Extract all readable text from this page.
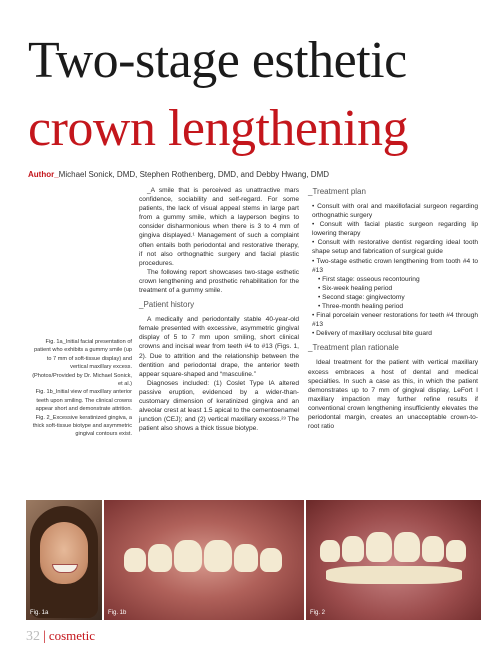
Two-stage esthetic
crown lengthening
Author_Michael Sonick, DMD, Stephen Rothenberg, DMD, and Debby Hwang, DMD

Fig. 1a_Initial facial presentation of patient who exhibits a gummy smile (up to 7 mm of soft-tissue display) and vertical maxillary excess. (Photos/Provided by Dr. Michael Sonick, et al.)

Fig. 1b_Initial view of maxillary anterior teeth upon smiling. The clinical crowns appear short and demonstrate attrition.

Fig. 2_Excessive keratinized gingiva, a thick soft-tissue biotype and asymmetric gingival contours exist.

_A smile that is perceived as unattractive mars confidence, sociability and self-regard. For some patients, the lack of visual appeal stems in large part from a gummy smile, which a layperson begins to consider disharmonious when there is 3 to 4 mm of gingiva displayed.¹ Management of such a complaint often entails both periodontal and restorative therapy, if not also orthognathic surgery and facial plastic procedures.

The following report showcases two-stage esthetic crown lengthening and prosthetic rehabilitation for the treatment of a gummy smile.

_Patient history

A medically and periodontally stable 40-year-old female presented with excessive, asymmetric gingival display of 5 to 7 mm upon smiling, short clinical crowns and incisal wear from teeth #4 to #13 (Figs. 1, 2). Due to attrition and the relationship between the dentition and periodontal drape, the anterior teeth appear square-shaped and “masculine.”

Diagnoses included: (1) Coslet Type IA altered passive eruption, evidenced by a wider-than-customary dimension of keratinized gingiva and an alveolar crest at least 1.5 apical to the cementoenamel junction (CEJ); and (2) vertical maxillary excess.²³ The patient also shows a thick tissue biotype.

_Treatment plan

• Consult with oral and maxillofacial surgeon regarding orthognathic surgery

• Consult with facial plastic surgeon regarding lip lowering therapy

• Consult with restorative dentist regarding ideal tooth shape setup and fabrication of surgical guide

• Two-stage esthetic crown lengthening from tooth #4 to #13

• First stage: osseous recontouring

• Six-week healing period

• Second stage: gingivectomy

• Three-month healing period

• Final porcelain veneer restorations for teeth #4 through #13

• Delivery of maxillary occlusal bite guard

_Treatment plan rationale

Ideal treatment for the patient with vertical maxillary excess embraces a host of dental and medical specialties. In such a case as this, in which the patient demonstrates up to 7 mm of gingival display, LeFort I maxillary impaction may further refine results if conventional crown lengthening insufficiently elevates the periodontal margin, creates an unacceptable crown-to-root ratio

Fig. 1a	Fig. 1b	Fig. 2
32 | cosmetic
